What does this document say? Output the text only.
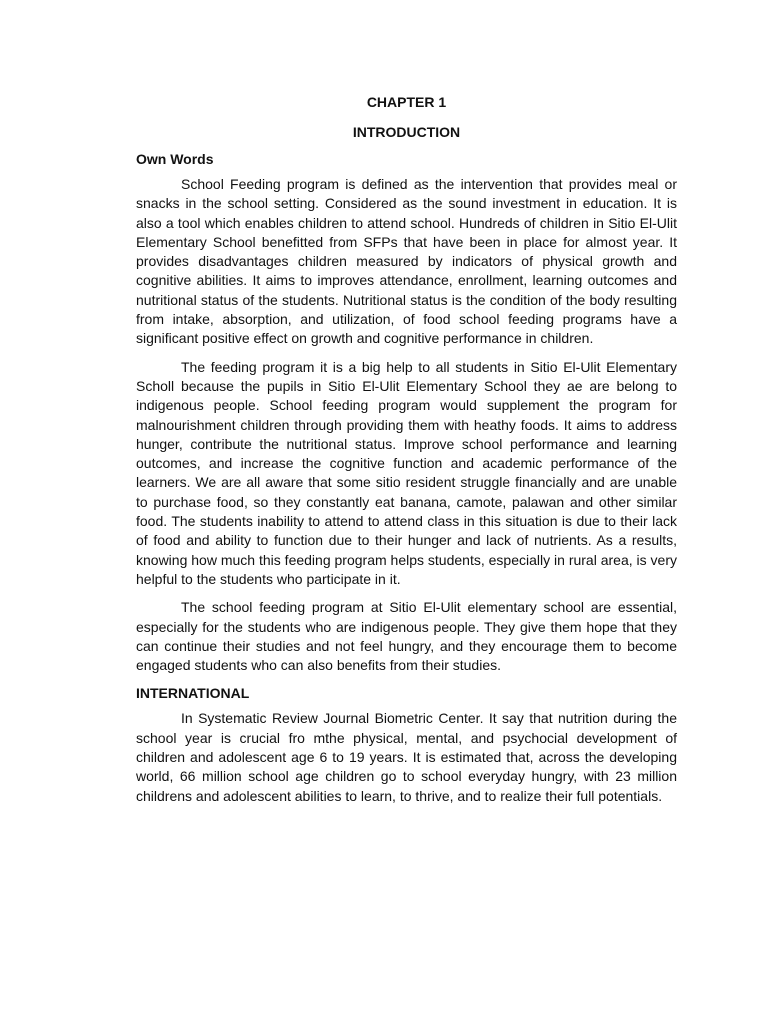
CHAPTER 1
INTRODUCTION
Own Words

School Feeding program is defined as the intervention that provides meal or snacks in the school setting. Considered as the sound investment in education. It is also a tool which enables children to attend school. Hundreds of children in Sitio El-Ulit Elementary School benefitted from SFPs that have been in place for almost year. It provides disadvantages children measured by indicators of physical growth and cognitive abilities. It aims to improves attendance, enrollment, learning outcomes and nutritional status of the students. Nutritional status is the condition of the body resulting from intake, absorption, and utilization, of food school feeding programs have a significant positive effect on growth and cognitive performance in children.

The feeding program it is a big help to all students in Sitio El-Ulit Elementary Scholl because the pupils in Sitio El-Ulit Elementary School they ae are belong to indigenous people. School feeding program would supplement the program for malnourishment children through providing them with heathy foods. It aims to address hunger, contribute the nutritional status. Improve school performance and learning outcomes, and increase the cognitive function and academic performance of the learners. We are all aware that some sitio resident struggle financially and are unable to purchase food, so they constantly eat banana, camote, palawan and other similar food. The students inability to attend to attend class in this situation is due to their lack of food and ability to function due to their hunger and lack of nutrients. As a results, knowing how much this feeding program helps students, especially in rural area, is very helpful to the students who participate in it.

The school feeding program at Sitio El-Ulit elementary school are essential, especially for the students who are indigenous people. They give them hope that they can continue their studies and not feel hungry, and they encourage them to become engaged students who can also benefits from their studies.

INTERNATIONAL

In Systematic Review Journal Biometric Center. It say that nutrition during the school year is crucial fro mthe physical, mental, and psychocial development of children and adolescent age 6 to 19 years. It is estimated that, across the developing world, 66 million school age children go to school everyday hungry, with 23 million childrens and adolescent abilities to learn, to thrive, and to realize their full potentials.
